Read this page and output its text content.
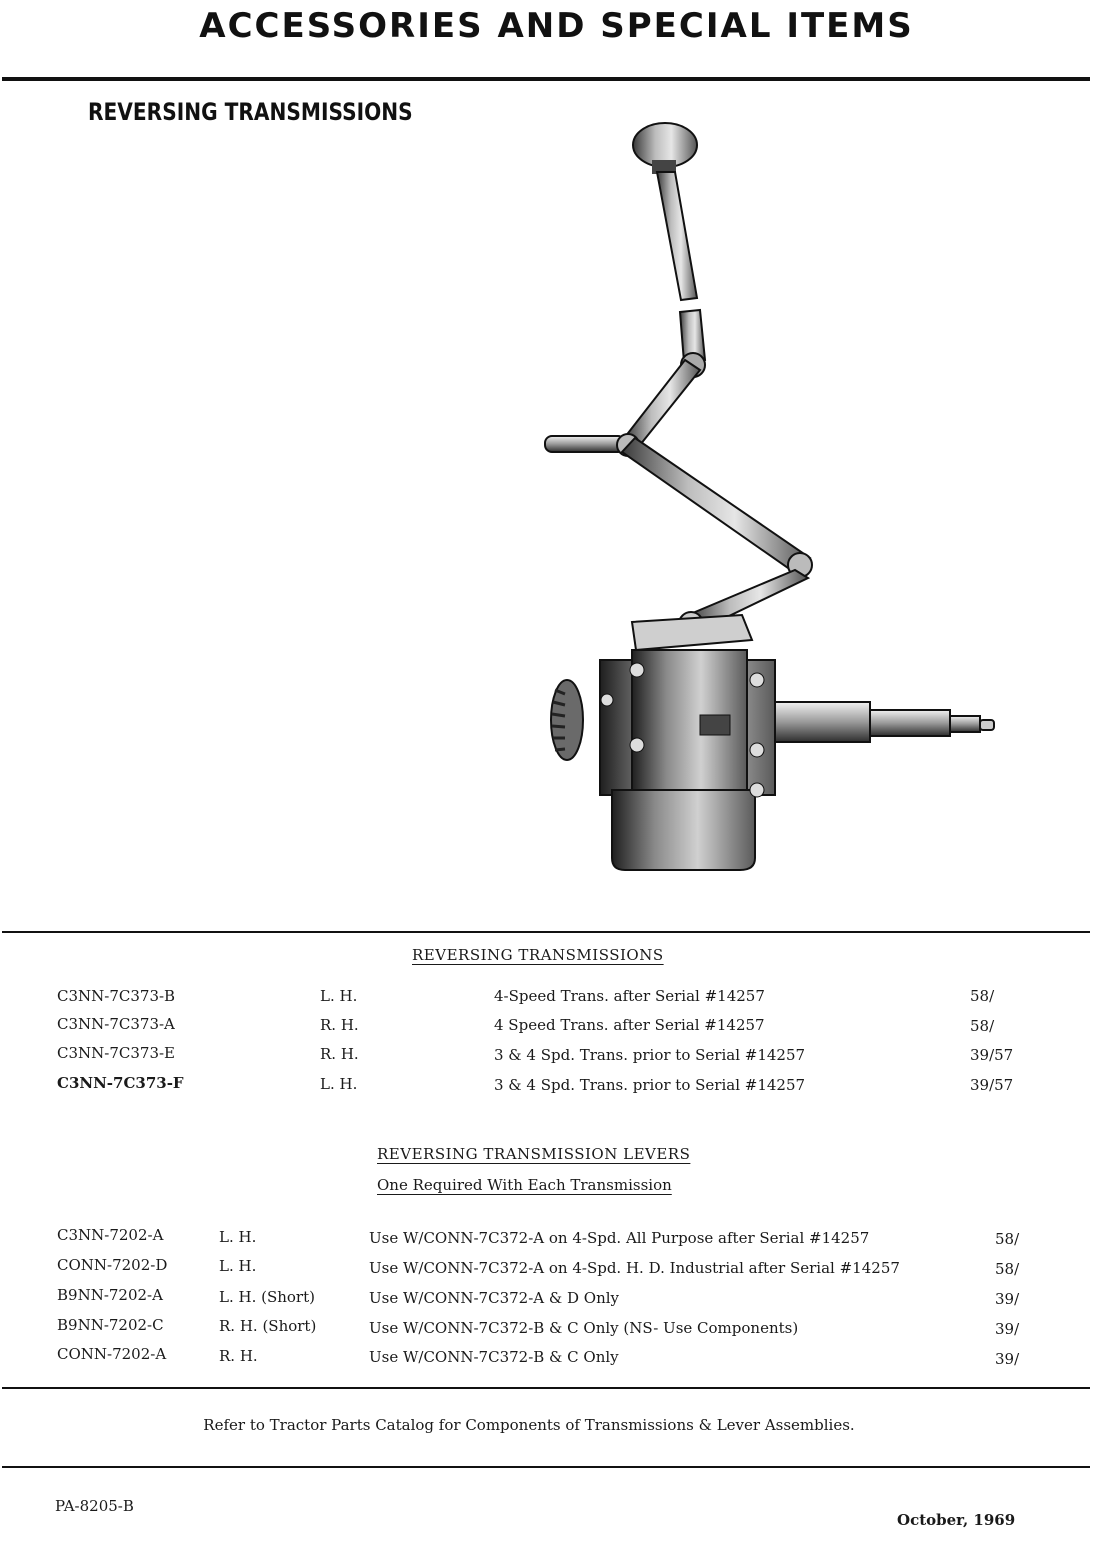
ACCESSORIES AND SPECIAL ITEMS
REVERSING TRANSMISSIONS
REVERSING TRANSMISSIONS
C3NN-7C373-B	L. H.	4-Speed Trans. after Serial #14257	58/
C3NN-7C373-A	R. H.	4 Speed Trans. after Serial #14257	58/
C3NN-7C373-E	R. H.	3 & 4 Spd. Trans. prior to Serial #14257	39/57
C3NN-7C373-F	L. H.	3 & 4 Spd. Trans. prior to Serial #14257	39/57
REVERSING TRANSMISSION LEVERS
One Required With Each Transmission
C3NN-7202-A	L. H.	Use W/CONN-7C372-A on 4-Spd. All Purpose after Serial #14257	58/
CONN-7202-D	L. H.	Use W/CONN-7C372-A on 4-Spd. H. D. Industrial after Serial #14257	58/
B9NN-7202-A	L. H. (Short)	Use W/CONN-7C372-A & D Only	39/
B9NN-7202-C	R. H. (Short)	Use W/CONN-7C372-B & C Only (NS- Use Components)	39/
CONN-7202-A	R. H.	Use W/CONN-7C372-B & C Only	39/
Refer to Tractor Parts Catalog for Components of Transmissions & Lever Assemblies.
PA-8205-B
October, 1969
